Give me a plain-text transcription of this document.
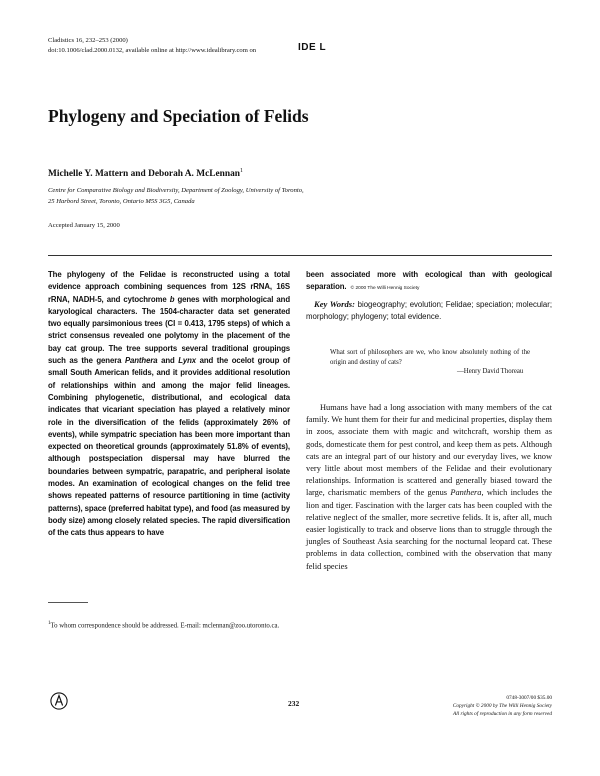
Cladistics 16, 232–253 (2000)
doi:10.1006/clad.2000.0132, available online at http://www.idealibrary.com on	IDE L
Phylogeny and Speciation of Felids
Michelle Y. Mattern and Deborah A. McLennan$^1$
Centre for Comparative Biology and Biodiversity, Department of Zoology, University of Toronto,
25 Harbord Street, Toronto, Ontario M5S 3G5, Canada
Accepted January 15, 2000
The phylogeny of the Felidae is reconstructed using a total evidence approach combining sequences from 12S rRNA, 16S rRNA, NADH-5, and cytochrome b genes with morphological and karyological characters. The 1504-character data set generated two equally parsimonious trees (CI = 0.413, 1795 steps) of which a strict consensus revealed one polytomy in the placement of the bay cat group. The tree supports several traditional groupings such as the genera Panthera and Lynx and the ocelot group of small South American felids, and it provides additional resolution of relationships within and among the major felid lineages. Combining phylogenetic, distributional, and ecological data indicates that vicariant speciation has played a relatively minor role in the diversification of the felids (approximately 26% of events), while sympatric speciation has been more important than expected on theoretical grounds (approximately 51.8% of events), although postspeciation dispersal may have blurred the boundaries between sympatric, parapatric, and peripheral isolate modes. An examination of ecological changes on the felid tree shows repeated patterns of resource partitioning in time (activity patterns), space (preferred habitat type), and food (as measured by body size) among closely related species. The rapid diversification of the cats thus appears to have
been associated more with ecological than with geological separation. © 2000 The Willi Hennig Society
Key Words: biogeography; evolution; Felidae; speciation; molecular; morphology; phylogeny; total evidence.
What sort of philosophers are we, who know absolutely nothing of the origin and destiny of cats?
—Henry David Thoreau
Humans have had a long association with many members of the cat family. We hunt them for their fur and medicinal properties, display them in zoos, associate them with magic and witchcraft, worship them as gods, domesticate them for pest control, and keep them as pets. Although cats are an integral part of our history and our everyday lives, we know very little about most members of the Felidae and their evolutionary relationships. Information is scattered and generally biased toward the large, charismatic members of the genus Panthera, which includes the lion and tiger. Fascination with the larger cats has been coupled with the relative neglect of the smaller, more secretive felids. It is, after all, much easier logistically to track and observe lions than to struggle through the jungles of Southeast Asia searching for the nocturnal leopard cat. These problems in data collection, combined with the observation that many felid species
$^1$To whom correspondence should be addressed. E-mail: mclennan@zoo.utoronto.ca.
232
0748-3007/00 $35.00
Copyright © 2000 by The Willi Hennig Society
All rights of reproduction in any form reserved
